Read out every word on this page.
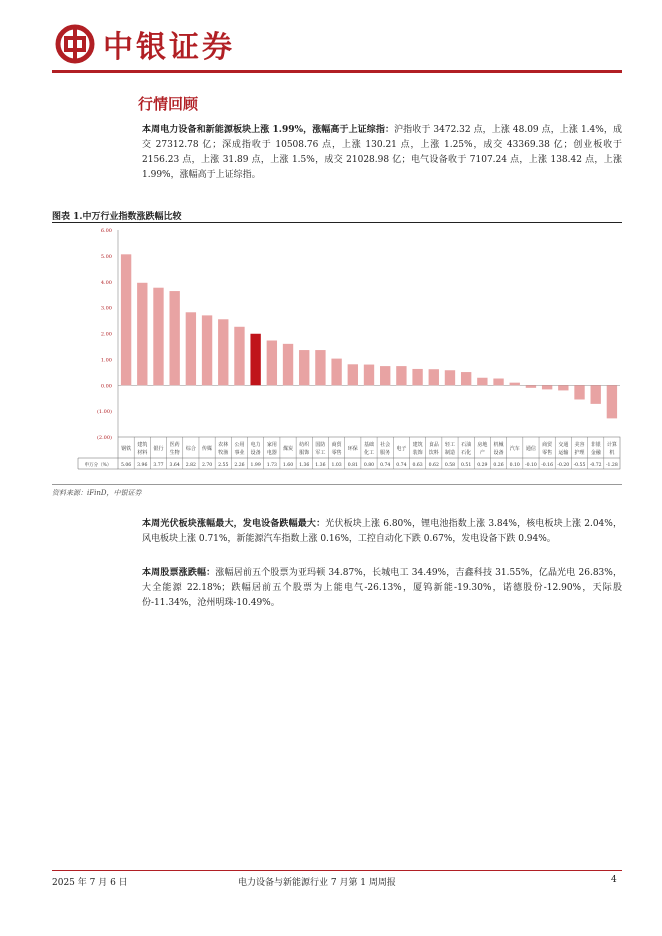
中银证券
行情回顾
本周电力设备和新能源板块上涨 1.99%，涨幅高于上证综指：沪指收于 3472.32 点，上涨 48.09 点，上涨 1.4%，成交 27312.78 亿；深成指收于 10508.76 点，上涨 130.21 点，上涨 1.25%，成交 43369.38 亿；创业板收于 2156.23 点，上涨 31.89 点，上涨 1.5%，成交 21028.98 亿；电气设备收于 7107.24 点，上涨 138.42 点，上涨 1.99%，涨幅高于上证综指。
图表 1.中万行业指数涨跌幅比较
6.00
5.00
4.00
3.00
2.00
1.00
0.00
(1.00)
(2.00)
申万分（%）
钢铁
5.06
建筑
材料
3.96
银行
3.77
医药
生物
3.64
综合
2.82
传媒
2.70
农林
牧渔
2.55
公用
事业
2.26
电力
设备
1.99
家用
电器
1.73
煤炭
1.60
纺织
服饰
1.36
国防
军工
1.36
商贸
零售
1.03
环保
0.81
基础
化工
0.80
社会
服务
0.74
电子
0.74
建筑
装饰
0.63
食品
饮料
0.62
轻工
制造
0.58
石油
石化
0.51
房地
产
0.29
机械
设备
0.26
汽车
0.10
通信
-0.10
商贸
零售
-0.16
交通
运输
-0.20
美容
护理
-0.55
非银
金融
-0.72
计算
机
-1.28
资料来源：iFinD，中银证券
本周光伏板块涨幅最大，发电设备跌幅最大：光伏板块上涨 6.80%，锂电池指数上涨 3.84%，核电板块上涨 2.04%，风电板块上涨 0.71%，新能源汽车指数上涨 0.16%，工控自动化下跌 0.67%，发电设备下跌 0.94%。
本周股票涨跌幅：涨幅居前五个股票为亚玛顿 34.87%，长城电工 34.49%，吉鑫科技 31.55%，亿晶光电 26.83%，大全能源 22.18%；跌幅居前五个股票为上能电气-26.13%，厦钨新能-19.30%，诺德股份-12.90%，天际股份-11.34%，沧州明珠-10.49%。
2025 年 7 月 6 日	电力设备与新能源行业 7 月第 1 周周报	4
